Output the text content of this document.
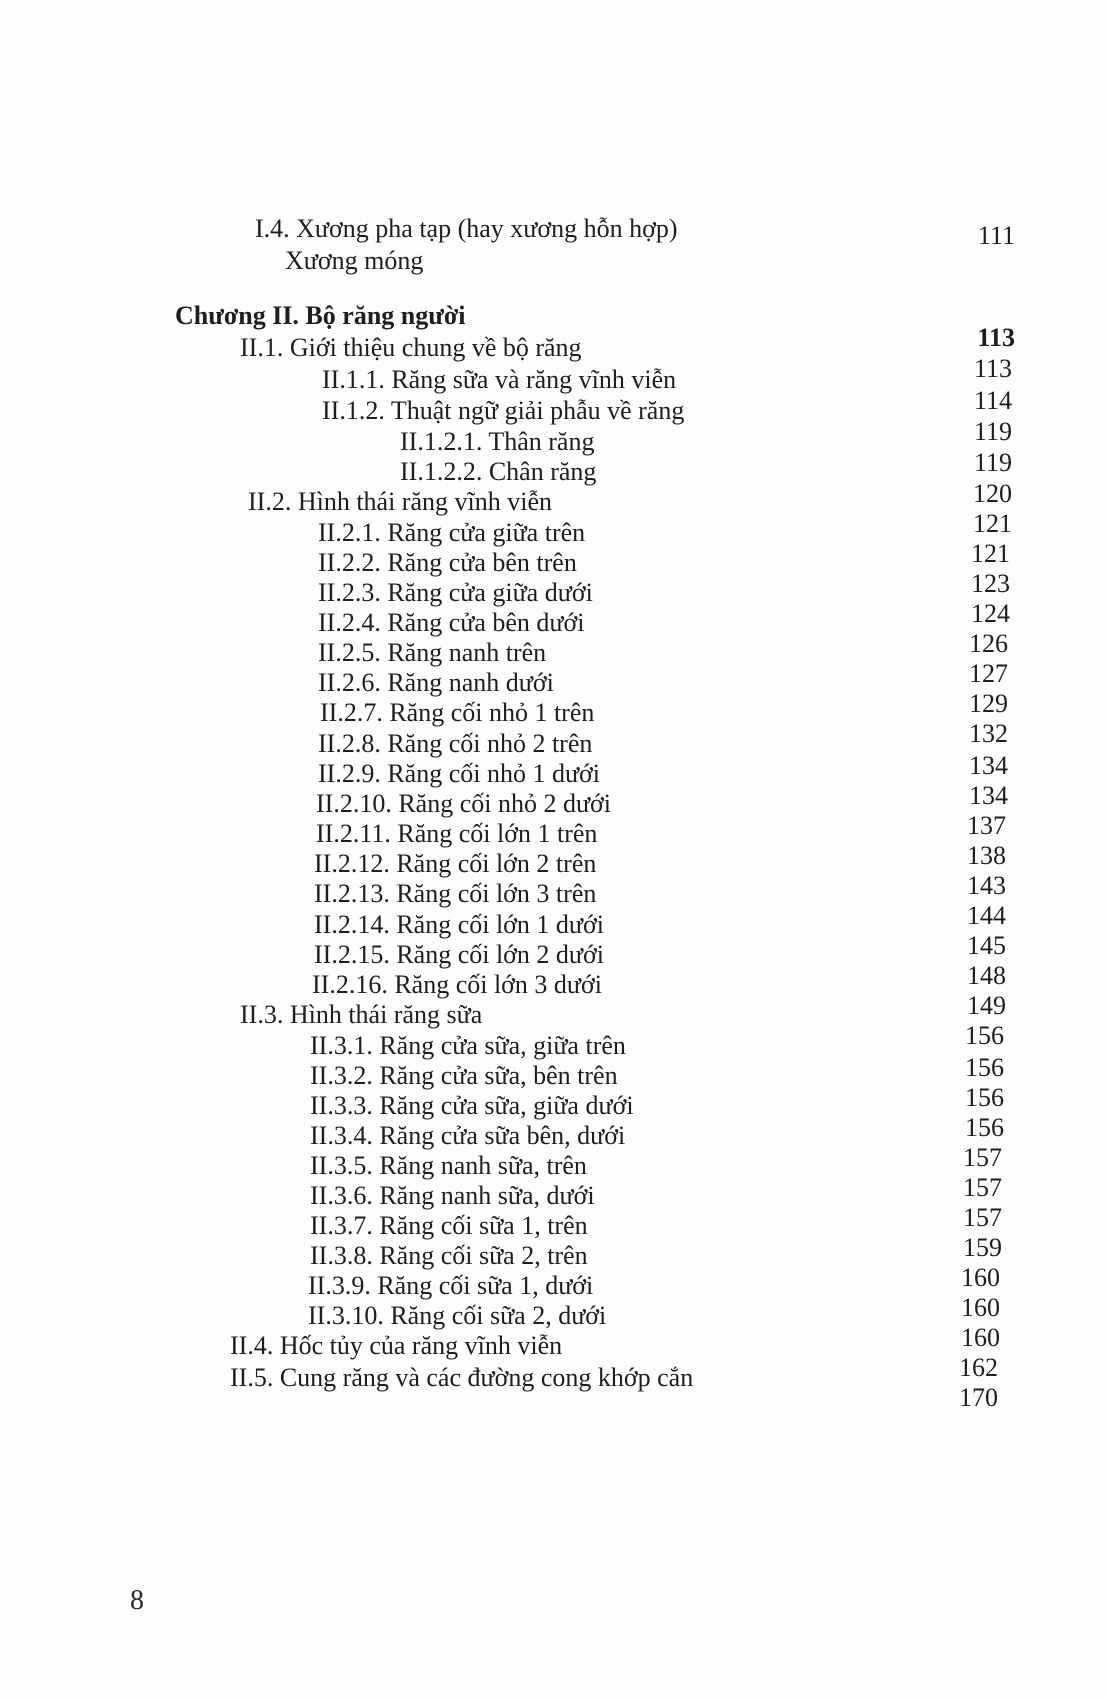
I.4. Xương pha tạp (hay xương hỗn hợp)	111
Xương móng
Chương II. Bộ răng người
113
II.1. Giới thiệu chung về bộ răng
113
II.1.1. Răng sữa và răng vĩnh viễn
114
II.1.2. Thuật ngữ giải phẫu về răng
119
II.1.2.1. Thân răng
119
II.1.2.2. Chân răng
120
II.2. Hình thái răng vĩnh viễn
121
II.2.1. Răng cửa giữa trên
121
II.2.2. Răng cửa bên trên
123
II.2.3. Răng cửa giữa dưới
124
II.2.4. Răng cửa bên dưới
126
II.2.5. Răng nanh trên
127
II.2.6. Răng nanh dưới
129
II.2.7. Răng cối nhỏ 1 trên
132
II.2.8. Răng cối nhỏ 2 trên
134
II.2.9. Răng cối nhỏ 1 dưới
134
II.2.10. Răng cối nhỏ 2 dưới
137
II.2.11. Răng cối lớn 1 trên
138
II.2.12. Răng cối lớn 2 trên
143
II.2.13. Răng cối lớn 3 trên
144
II.2.14. Răng cối lớn 1 dưới
145
II.2.15. Răng cối lớn 2 dưới
148
II.2.16. Răng cối lớn 3 dưới
149
II.3. Hình thái răng sữa
156
II.3.1. Răng cửa sữa, giữa trên
156
II.3.2. Răng cửa sữa, bên trên
156
II.3.3. Răng cửa sữa, giữa dưới
156
II.3.4. Răng cửa sữa bên, dưới
157
II.3.5. Răng nanh sữa, trên
157
II.3.6. Răng nanh sữa, dưới
157
II.3.7. Răng cối sữa 1, trên
159
II.3.8. Răng cối sữa 2, trên
160
II.3.9. Răng cối sữa 1, dưới
160
II.3.10. Răng cối sữa 2, dưới
160
II.4. Hốc tủy của răng vĩnh viễn
162
II.5. Cung răng và các đường cong khớp cắn
170
8
